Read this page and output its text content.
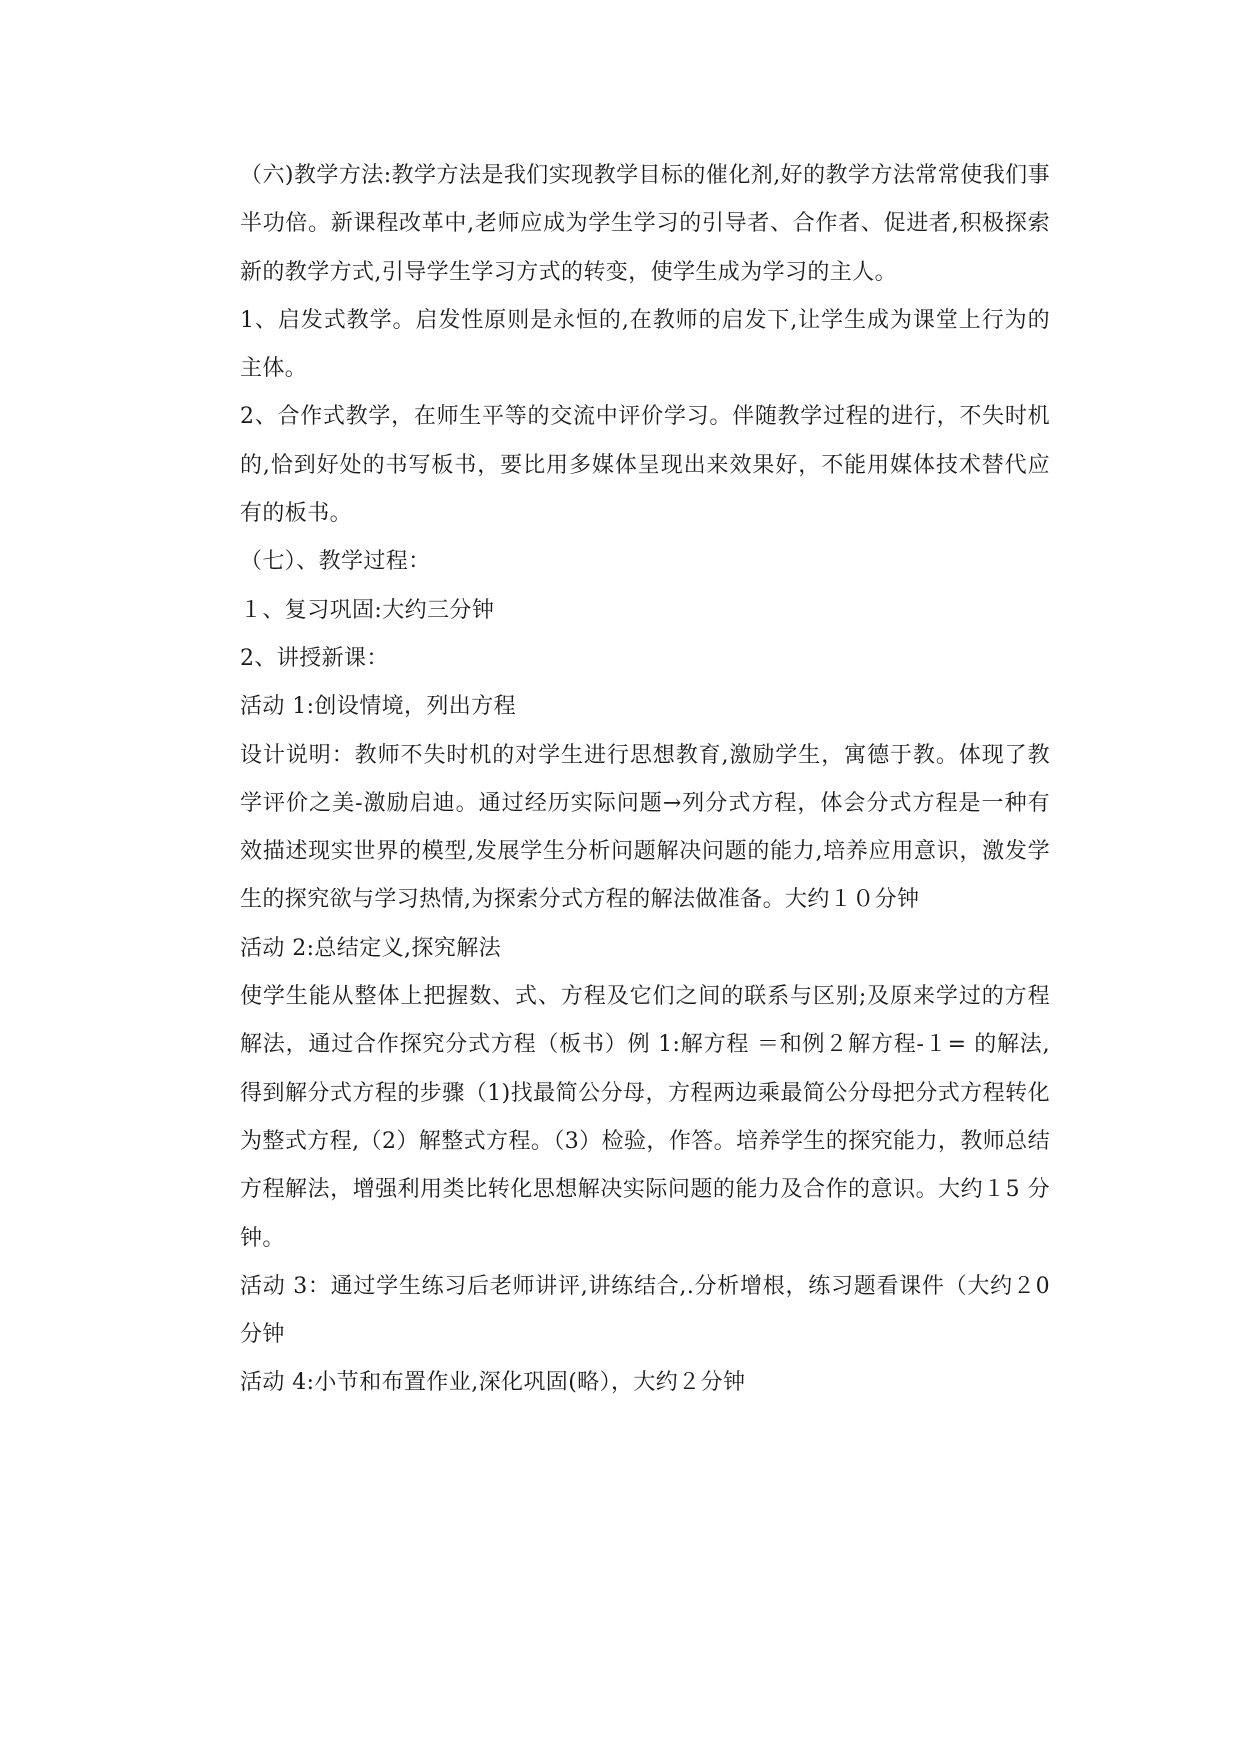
（六)教学方法:教学方法是我们实现教学目标的催化剂,好的教学方法常常使我们事半功倍。新课程改革中,老师应成为学生学习的引导者、合作者、促进者,积极探索新的教学方式,引导学生学习方式的转变，使学生成为学习的主人。

1、启发式教学。启发性原则是永恒的,在教师的启发下,让学生成为课堂上行为的主体。

2、合作式教学，在师生平等的交流中评价学习。伴随教学过程的进行，不失时机的,恰到好处的书写板书，要比用多媒体呈现出来效果好，不能用媒体技术替代应有的板书。

（七）、教学过程：

１、复习巩固:大约三分钟

2、讲授新课：

活动 1:创设情境，列出方程

设计说明：教师不失时机的对学生进行思想教育,激励学生，寓德于教。体现了教学评价之美-激励启迪。通过经历实际问题→列分式方程，体会分式方程是一种有效描述现实世界的模型,发展学生分析问题解决问题的能力,培养应用意识，激发学生的探究欲与学习热情,为探索分式方程的解法做准备。大约１０分钟

活动 2:总结定义,探究解法

使学生能从整体上把握数、式、方程及它们之间的联系与区别;及原来学过的方程解法，通过合作探究分式方程（板书）例 1:解方程 ＝和例２解方程-１= 的解法,得到解分式方程的步骤（1)找最简公分母，方程两边乘最简公分母把分式方程转化为整式方程,（2）解整式方程。（3）检验，作答。培养学生的探究能力，教师总结方程解法，增强利用类比转化思想解决实际问题的能力及合作的意识。大约１5 分钟。

活动 3：通过学生练习后老师讲评,讲练结合,.分析增根，练习题看课件（大约２0 分钟

活动 4:小节和布置作业,深化巩固(略），大约２分钟
